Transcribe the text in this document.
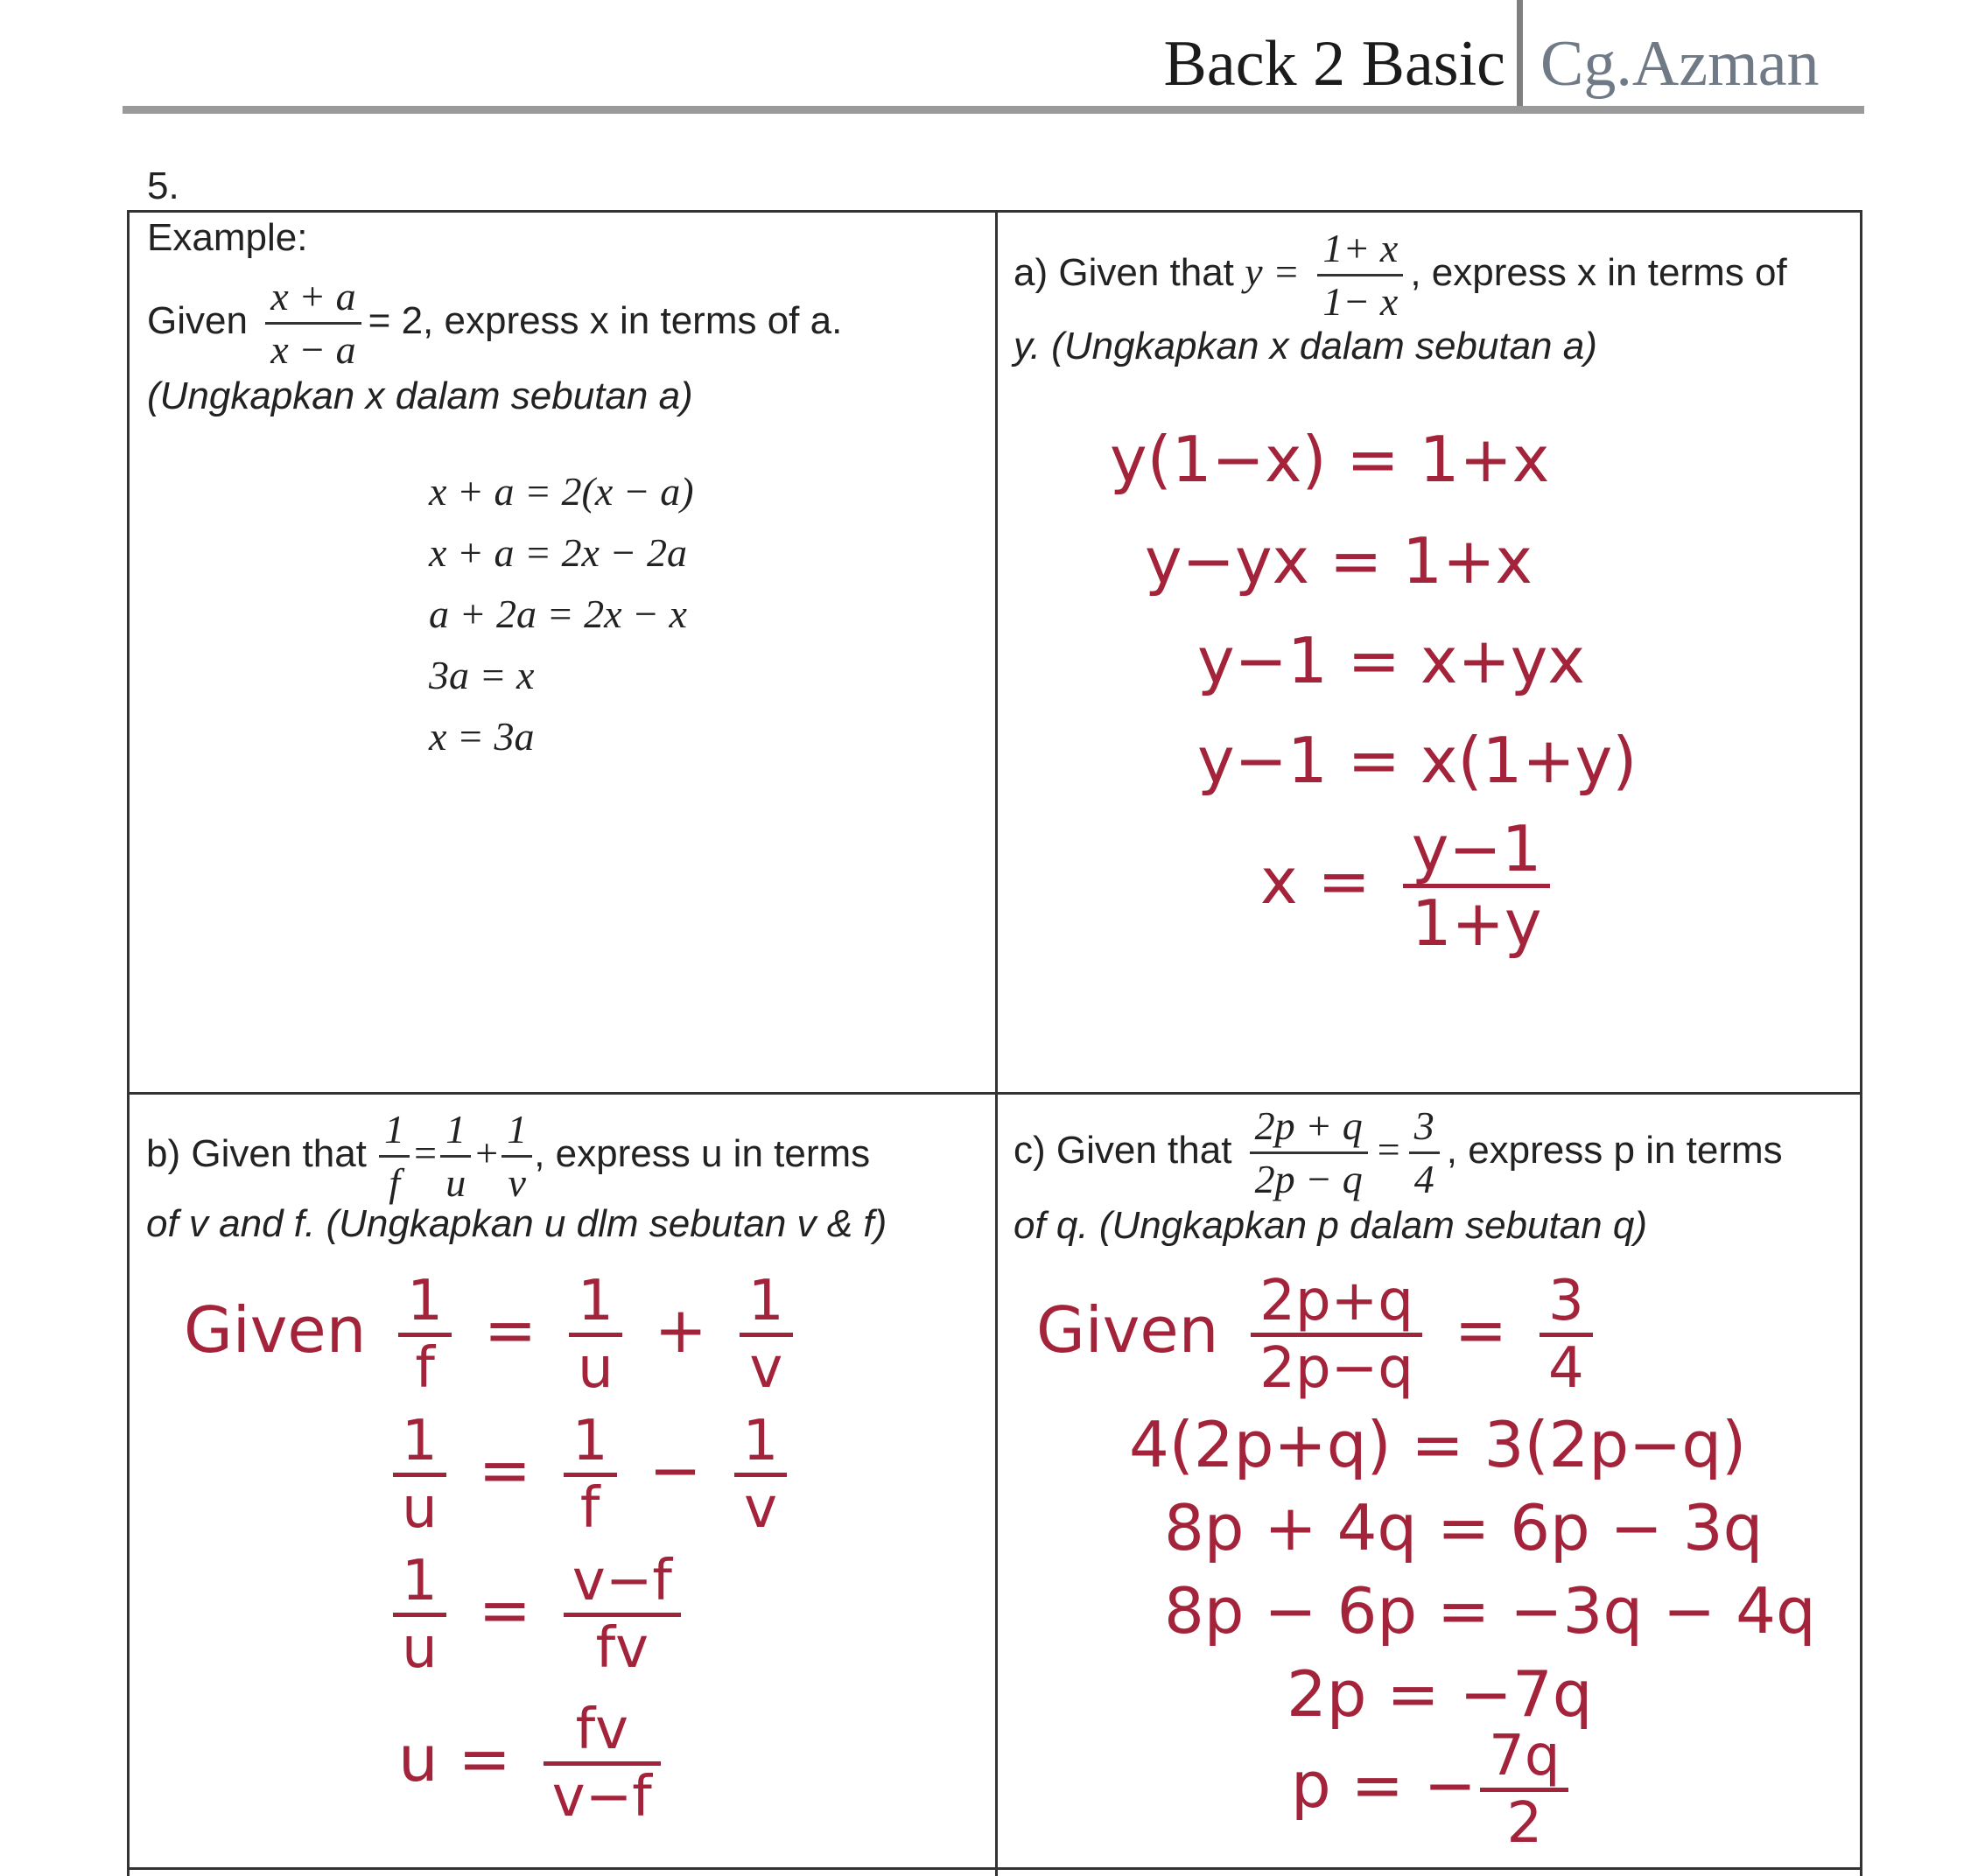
Back 2 Basic Cg.Azman
5.
Example:
Given $\frac{x + a}{x - a} = 2$, express x in terms of a.
(Ungkapkan x dalam sebutan a)
x + a = 2(x − a)
x + a = 2x − 2a
a + 2a = 2x − x
3a = x
x = 3a
a) Given that $y = \frac{1+ x}{1- x}$ , express x in terms of
y. (Ungkapkan x dalam sebutan a)
y(1−x) = 1+x
y−yx = 1+x
y−1 = x+yx
y−1 = x(1+y)
$x = \frac{y-1}{1+y}$
b) Given that $\frac{1}{f} = \frac{1}{u} + \frac{1}{v}$ , express u in terms
of v and f. (Ungkapkan u dlm sebutan v & f)
Given $\frac{1}{f} = \frac{1}{u} + \frac{1}{v}$
$\frac{1}{u} = \frac{1}{f} - \frac{1}{v}$
$\frac{1}{u} = \frac{v-f}{fv}$
$u = \frac{fv}{v-f}$
c) Given that $\frac{2p + q}{2p - q} = \frac{3}{4}$ , express p in terms
of q. (Ungkapkan p dalam sebutan q)
Given $\frac{2p+q}{2p-q} = \frac{3}{4}$
4(2p+q) = 3(2p−q)
8p + 4q = 6p − 3q
8p − 6p = −3q − 4q
2p = −7q
p = − $\frac{7q}{2}$
